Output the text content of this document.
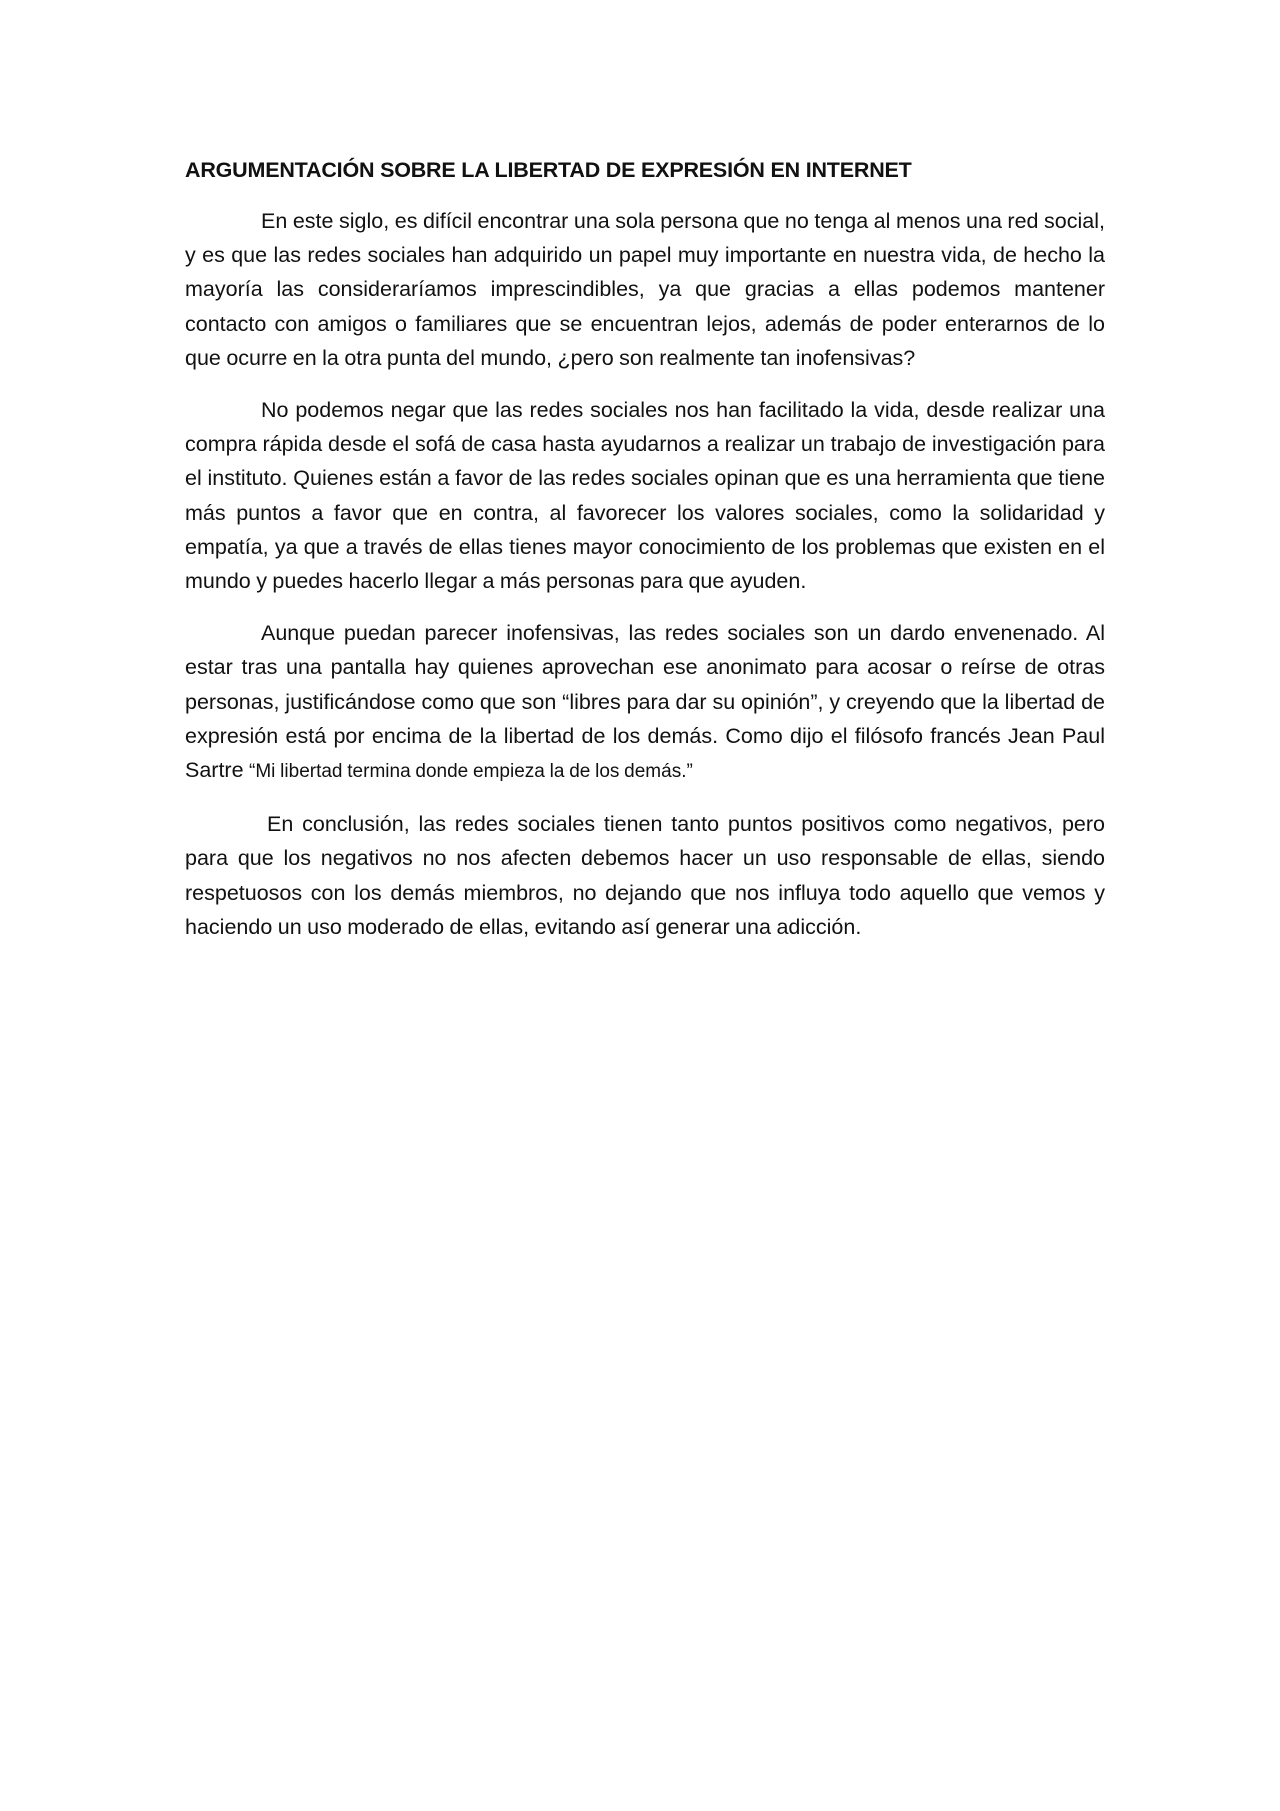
ARGUMENTACIÓN SOBRE LA LIBERTAD DE EXPRESIÓN EN INTERNET

En este siglo, es difícil encontrar una sola persona que no tenga al menos una red social, y es que las redes sociales han adquirido un papel muy importante en nuestra vida, de hecho la mayoría las consideraríamos imprescindibles, ya que gracias a ellas podemos mantener contacto con amigos o familiares que se encuentran lejos, además de poder enterarnos de lo que ocurre en la otra punta del mundo, ¿pero son realmente tan inofensivas?

No podemos negar que las redes sociales nos han facilitado la vida, desde realizar una compra rápida desde el sofá de casa hasta ayudarnos a realizar un trabajo de investigación para el instituto. Quienes están a favor de las redes sociales opinan que es una herramienta que tiene más puntos a favor que en contra, al favorecer los valores sociales, como la solidaridad y empatía, ya que a través de ellas tienes mayor conocimiento de los problemas que existen en el mundo y puedes hacerlo llegar a más personas para que ayuden.

Aunque puedan parecer inofensivas, las redes sociales son un dardo envenenado. Al estar tras una pantalla hay quienes aprovechan ese anonimato para acosar o reírse de otras personas, justificándose como que son “libres para dar su opinión”, y creyendo que la libertad de expresión está por encima de la libertad de los demás. Como dijo el filósofo francés Jean Paul Sartre “Mi libertad termina donde empieza la de los demás.”

En conclusión, las redes sociales tienen tanto puntos positivos como negativos, pero para que los negativos no nos afecten debemos hacer un uso responsable de ellas, siendo respetuosos con los demás miembros, no dejando que nos influya todo aquello que vemos y haciendo un uso moderado de ellas, evitando así generar una adicción.
